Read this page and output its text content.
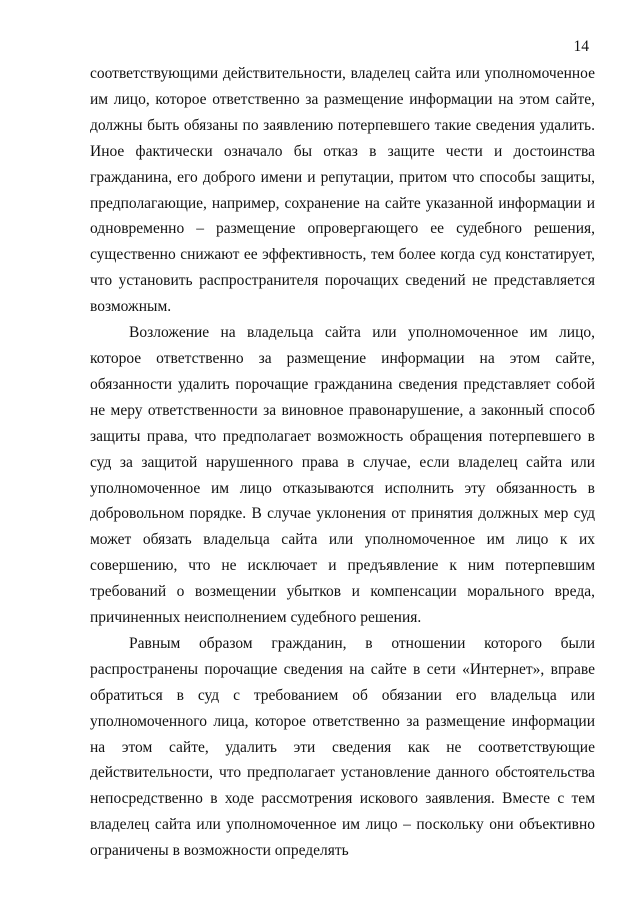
14

соответствующими действительности, владелец сайта или уполномоченное им лицо, которое ответственно за размещение информации на этом сайте, должны быть обязаны по заявлению потерпевшего такие сведения удалить. Иное фактически означало бы отказ в защите чести и достоинства гражданина, его доброго имени и репутации, притом что способы защиты, предполагающие, например, сохранение на сайте указанной информации и одновременно – размещение опровергающего ее судебного решения, существенно снижают ее эффективность, тем более когда суд констатирует, что установить распространителя порочащих сведений не представляется возможным.

Возложение на владельца сайта или уполномоченное им лицо, которое ответственно за размещение информации на этом сайте, обязанности удалить порочащие гражданина сведения представляет собой не меру ответственности за виновное правонарушение, а законный способ защиты права, что предполагает возможность обращения потерпевшего в суд за защитой нарушенного права в случае, если владелец сайта или уполномоченное им лицо отказываются исполнить эту обязанность в добровольном порядке. В случае уклонения от принятия должных мер суд может обязать владельца сайта или уполномоченное им лицо к их совершению, что не исключает и предъявление к ним потерпевшим требований о возмещении убытков и компенсации морального вреда, причиненных неисполнением судебного решения.

Равным образом гражданин, в отношении которого были распространены порочащие сведения на сайте в сети «Интернет», вправе обратиться в суд с требованием об обязании его владельца или уполномоченного лица, которое ответственно за размещение информации на этом сайте, удалить эти сведения как не соответствующие действительности, что предполагает установление данного обстоятельства непосредственно в ходе рассмотрения искового заявления. Вместе с тем владелец сайта или уполномоченное им лицо – поскольку они объективно ограничены в возможности определять
